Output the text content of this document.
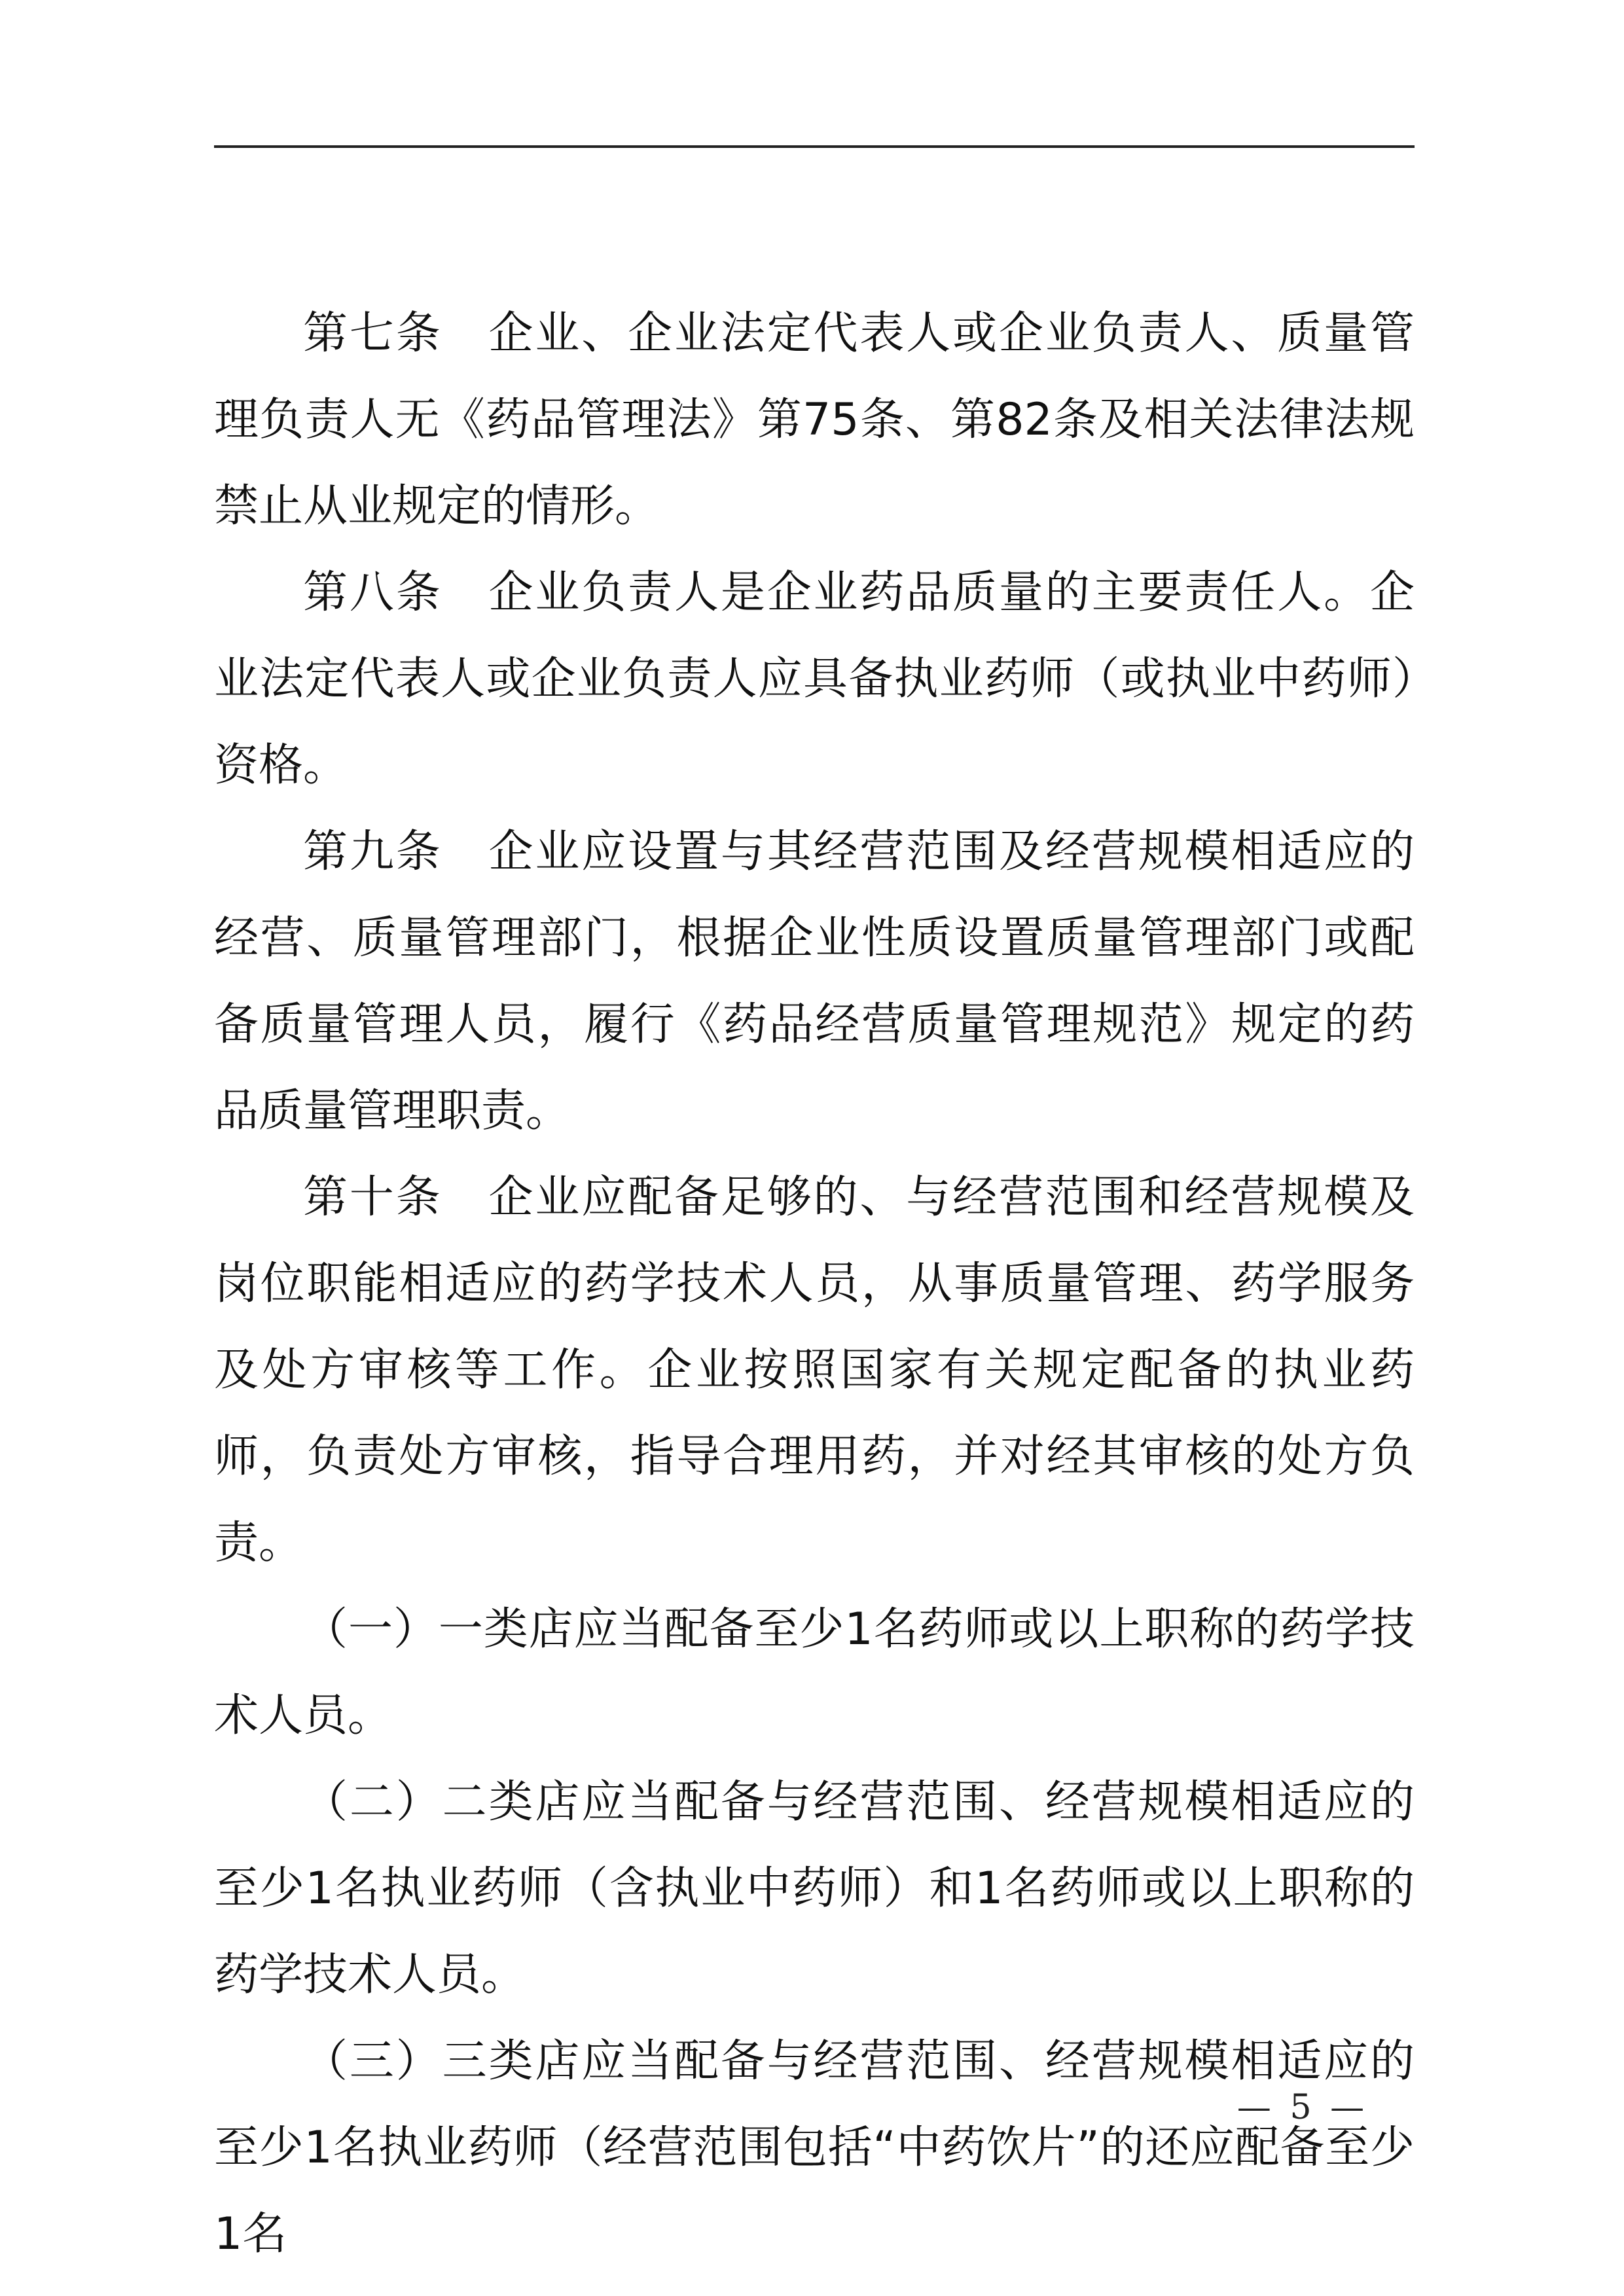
第七条　企业、企业法定代表人或企业负责人、质量管理负责人无《药品管理法》第75条、第82条及相关法律法规禁止从业规定的情形。

第八条　企业负责人是企业药品质量的主要责任人。企业法定代表人或企业负责人应具备执业药师（或执业中药师）资格。

第九条　企业应设置与其经营范围及经营规模相适应的经营、质量管理部门，根据企业性质设置质量管理部门或配备质量管理人员，履行《药品经营质量管理规范》规定的药品质量管理职责。

第十条　企业应配备足够的、与经营范围和经营规模及岗位职能相适应的药学技术人员，从事质量管理、药学服务及处方审核等工作。企业按照国家有关规定配备的执业药师，负责处方审核，指导合理用药，并对经其审核的处方负责。

（一）一类店应当配备至少1名药师或以上职称的药学技术人员。

（二）二类店应当配备与经营范围、经营规模相适应的至少1名执业药师（含执业中药师）和1名药师或以上职称的药学技术人员。

（三）三类店应当配备与经营范围、经营规模相适应的至少1名执业药师（经营范围包括“中药饮片”的还应配备至少1名

— 5 —
